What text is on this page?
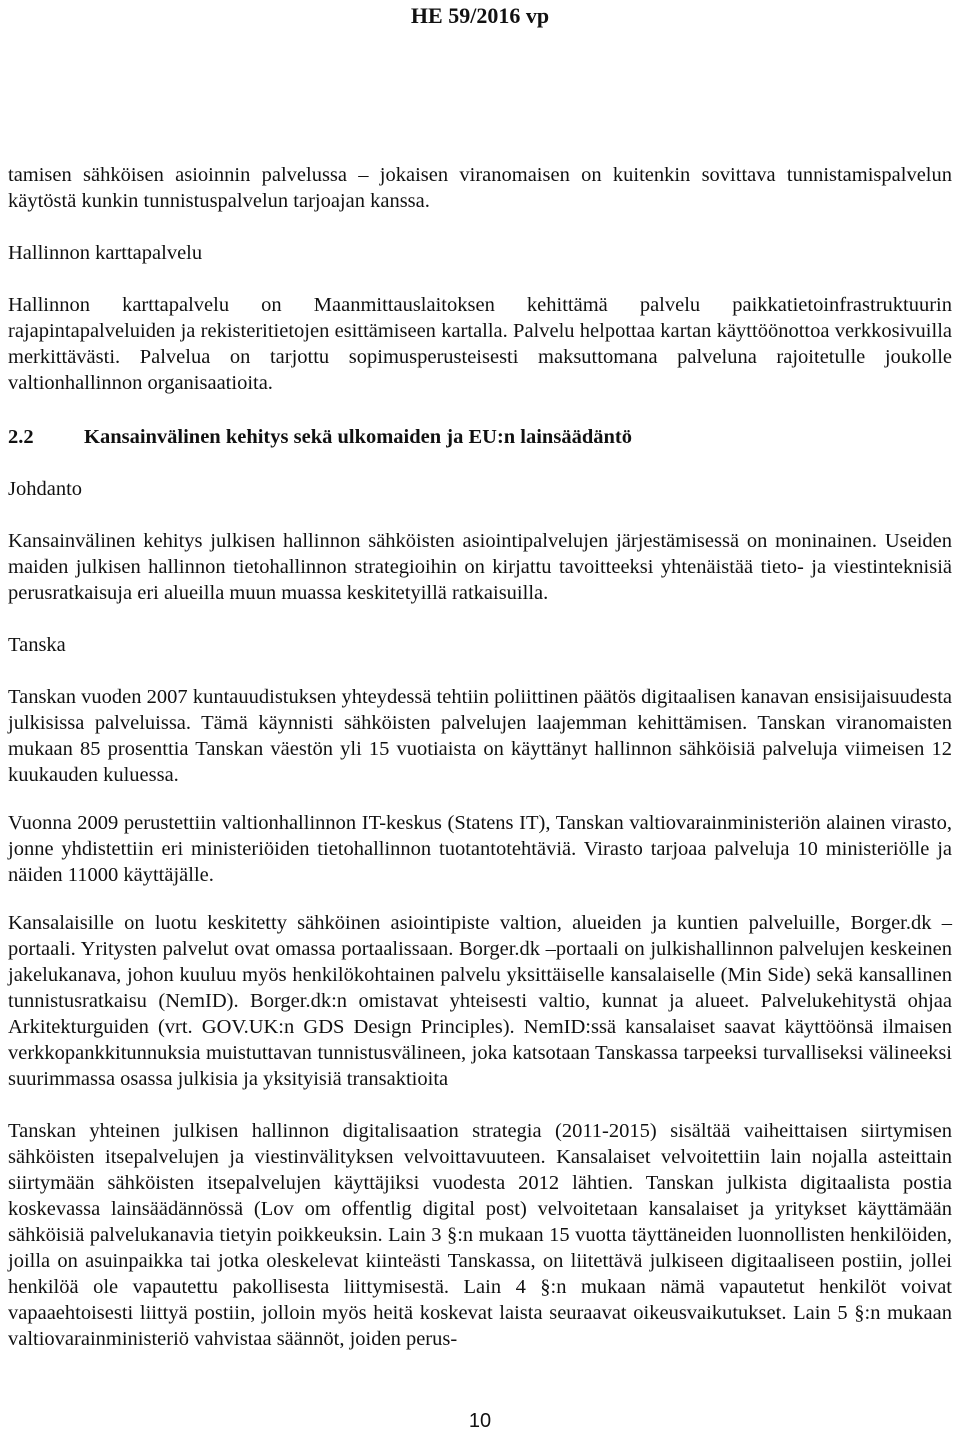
HE 59/2016 vp

tamisen sähköisen asioinnin palvelussa – jokaisen viranomaisen on kuitenkin sovittava tunnistamispalvelun käytöstä kunkin tunnistuspalvelun tarjoajan kanssa.

Hallinnon karttapalvelu

Hallinnon karttapalvelu on Maanmittauslaitoksen kehittämä palvelu paikkatietoinfrastruktuurin rajapintapalveluiden ja rekisteritietojen esittämiseen kartalla. Palvelu helpottaa kartan käyttöönottoa verkkosivuilla merkittävästi. Palvelua on tarjottu sopimusperusteisesti maksuttomana palveluna rajoitetulle joukolle valtionhallinnon organisaatioita.

2.2 Kansainvälinen kehitys sekä ulkomaiden ja EU:n lainsäädäntö
Johdanto

Kansainvälinen kehitys julkisen hallinnon sähköisten asiointipalvelujen järjestämisessä on moninainen. Useiden maiden julkisen hallinnon tietohallinnon strategioihin on kirjattu tavoitteeksi yhtenäistää tieto- ja viestinteknisiä perusratkaisuja eri alueilla muun muassa keskitetyillä ratkaisuilla.

Tanska

Tanskan vuoden 2007 kuntauudistuksen yhteydessä tehtiin poliittinen päätös digitaalisen kanavan ensisijaisuudesta julkisissa palveluissa. Tämä käynnisti sähköisten palvelujen laajemman kehittämisen. Tanskan viranomaisten mukaan 85 prosenttia Tanskan väestön yli 15 vuotiaista on käyttänyt hallinnon sähköisiä palveluja viimeisen 12 kuukauden kuluessa.

Vuonna 2009 perustettiin valtionhallinnon IT-keskus (Statens IT), Tanskan valtiovarainministeriön alainen virasto, jonne yhdistettiin eri ministeriöiden tietohallinnon tuotantotehtäviä. Virasto tarjoaa palveluja 10 ministeriölle ja näiden 11000 käyttäjälle.

Kansalaisille on luotu keskitetty sähköinen asiointipiste valtion, alueiden ja kuntien palveluille, Borger.dk –portaali. Yritysten palvelut ovat omassa portaalissaan. Borger.dk –portaali on julkishallinnon palvelujen keskeinen jakelukanava, johon kuuluu myös henkilökohtainen palvelu yksittäiselle kansalaiselle (Min Side) sekä kansallinen tunnistusratkaisu (NemID). Borger.dk:n omistavat yhteisesti valtio, kunnat ja alueet. Palvelukehitystä ohjaa Arkitekturguiden (vrt. GOV.UK:n GDS Design Principles). NemID:ssä kansalaiset saavat käyttöönsä ilmaisen verkkopankkitunnuksia muistuttavan tunnistusvälineen, joka katsotaan Tanskassa tarpeeksi turvalliseksi välineeksi suurimmassa osassa julkisia ja yksityisiä transaktioita

Tanskan yhteinen julkisen hallinnon digitalisaation strategia (2011-2015) sisältää vaiheittaisen siirtymisen sähköisten itsepalvelujen ja viestinvälityksen velvoittavuuteen. Kansalaiset velvoitettiin lain nojalla asteittain siirtymään sähköisten itsepalvelujen käyttäjiksi vuodesta 2012 lähtien. Tanskan julkista digitaalista postia koskevassa lainsäädännössä (Lov om offentlig digital post) velvoitetaan kansalaiset ja yritykset käyttämään sähköisiä palvelukanavia tietyin poikkeuksin. Lain 3 §:n mukaan 15 vuotta täyttäneiden luonnollisten henkilöiden, joilla on asuinpaikka tai jotka oleskelevat kiinteästi Tanskassa, on liitettävä julkiseen digitaaliseen postiin, jollei henkilöä ole vapautettu pakollisesta liittymisestä. Lain 4 §:n mukaan nämä vapautetut henkilöt voivat vapaaehtoisesti liittyä postiin, jolloin myös heitä koskevat laista seuraavat oikeusvaikutukset. Lain 5 §:n mukaan valtiovarainministeriö vahvistaa säännöt, joiden perus-

10
